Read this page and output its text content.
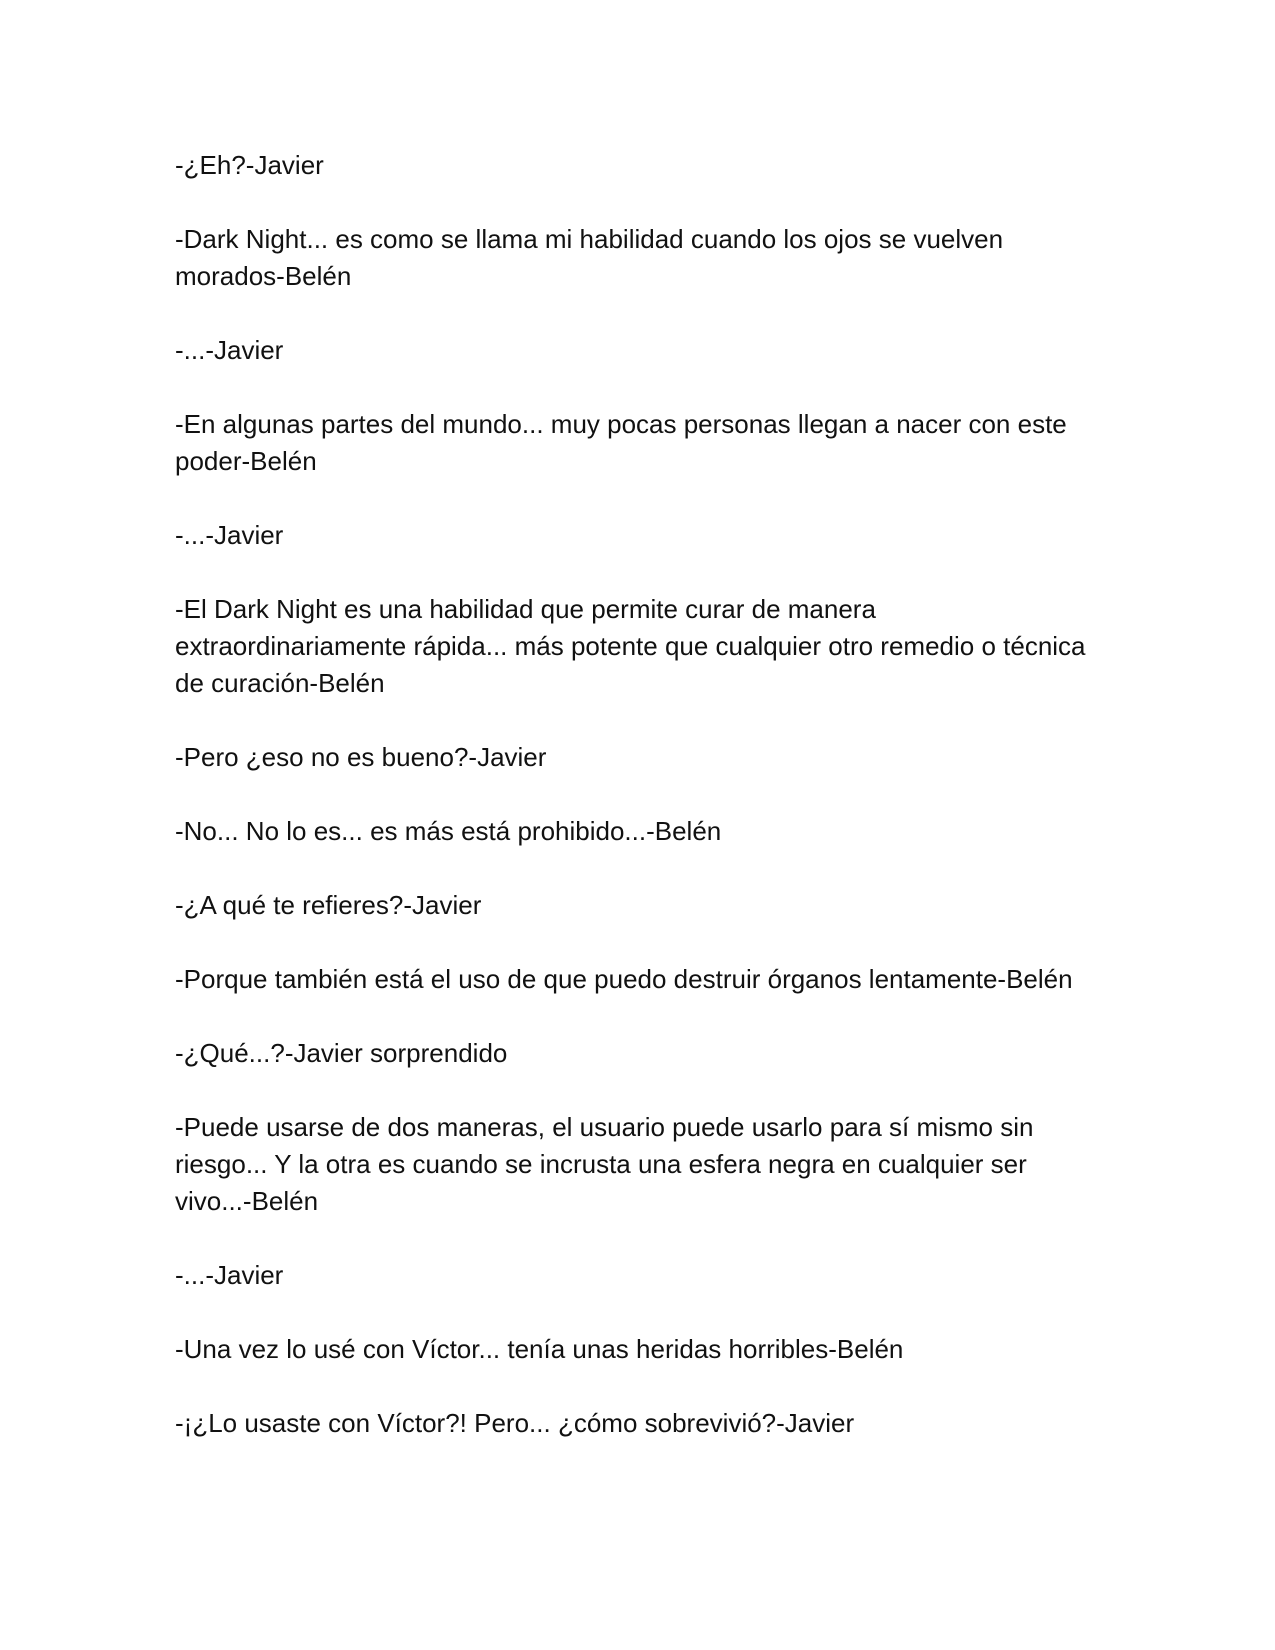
-¿Eh?-Javier

-Dark Night... es como se llama mi habilidad cuando los ojos se vuelven morados-Belén

-...-Javier

-En algunas partes del mundo... muy pocas personas llegan a nacer con este poder-Belén

-...-Javier

-El Dark Night es una habilidad que permite curar de manera extraordinariamente rápida... más potente que cualquier otro remedio o técnica de curación-Belén

-Pero ¿eso no es bueno?-Javier

-No... No lo es... es más está prohibido...-Belén

-¿A qué te refieres?-Javier

-Porque también está el uso de que puedo destruir órganos lentamente-Belén

-¿Qué...?-Javier sorprendido

-Puede usarse de dos maneras, el usuario puede usarlo para sí mismo sin riesgo... Y la otra es cuando se incrusta una esfera negra en cualquier ser vivo...-Belén

-...-Javier

-Una vez lo usé con Víctor... tenía unas heridas horribles-Belén

-¡¿Lo usaste con Víctor?! Pero... ¿cómo sobrevivió?-Javier
